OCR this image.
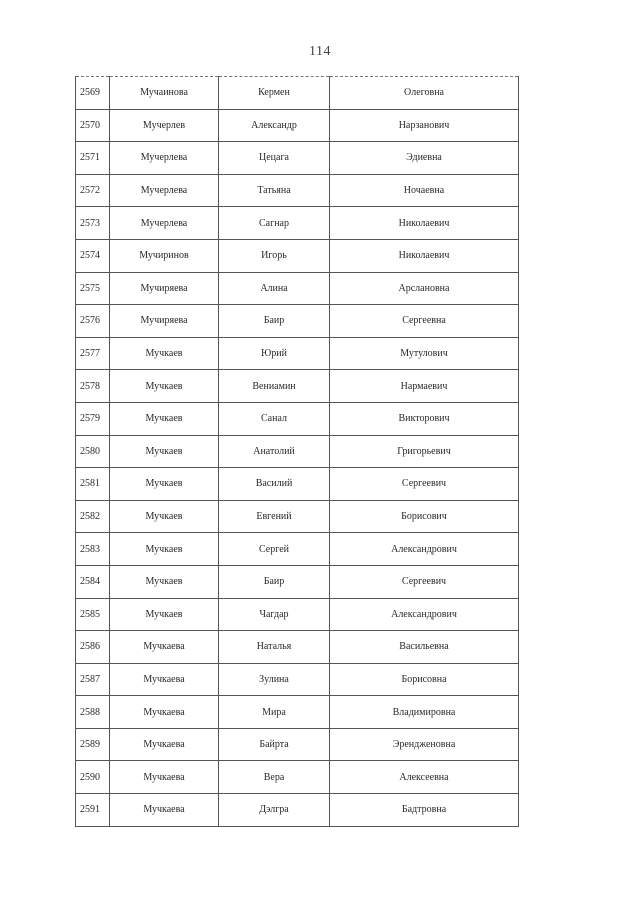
114
2569	Мучаинова	Кермен	Олеговна
2570	Мучерлев	Александр	Нарзанович
2571	Мучерлева	Цецага	Эдиевна
2572	Мучерлева	Татьяна	Ночаевна
2573	Мучерлева	Сагнар	Николаевич
2574	Мучиринов	Игорь	Николаевич
2575	Мучиряева	Алина	Арслановна
2576	Мучиряева	Баир	Сергеевна
2577	Мучкаев	Юрий	Мутулович
2578	Мучкаев	Вениамин	Нармаевич
2579	Мучкаев	Санал	Викторович
2580	Мучкаев	Анатолий	Григорьевич
2581	Мучкаев	Василий	Сергеевич
2582	Мучкаев	Евгений	Борисович
2583	Мучкаев	Сергей	Александрович
2584	Мучкаев	Баир	Сергеевич
2585	Мучкаев	Чагдар	Александрович
2586	Мучкаева	Наталья	Васильевна
2587	Мучкаева	Зулина	Борисовна
2588	Мучкаева	Мира	Владимировна
2589	Мучкаева	Байрта	Эрендженовна
2590	Мучкаева	Вера	Алексеевна
2591	Мучкаева	Дэлгра	Бадтровна
